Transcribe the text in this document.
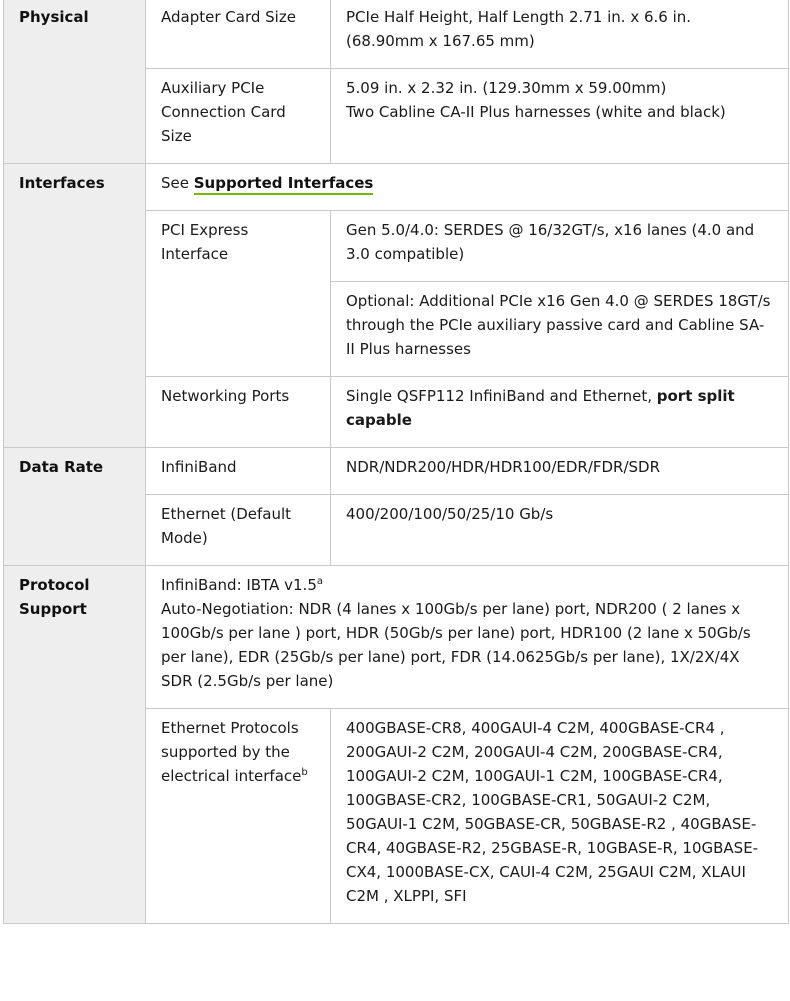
Physical	Adapter Card Size	PCIe Half Height, Half Length 2.71 in. x 6.6 in. (68.90mm x 167.65 mm)
	Auxiliary PCIe Connection Card Size	5.09 in. x 2.32 in. (129.30mm x 59.00mm)
Two Cabline CA-II Plus harnesses (white and black)
Interfaces	See Supported Interfaces	
	PCI Express Interface	Gen 5.0/4.0: SERDES @ 16/32GT/s, x16 lanes (4.0 and 3.0 compatible)
		Optional: Additional PCIe x16 Gen 4.0 @ SERDES 18GT/s through the PCIe auxiliary passive card and Cabline SA-II Plus harnesses
	Networking Ports	Single QSFP112 InfiniBand and Ethernet, port split capable
Data Rate	InfiniBand	NDR/NDR200/HDR/HDR100/EDR/FDR/SDR
	Ethernet (Default Mode)	400/200/100/50/25/10 Gb/s
Protocol Support	InfiniBand: IBTA v1.5$^a$
Auto-Negotiation: NDR (4 lanes x 100Gb/s per lane) port, NDR200 ( 2 lanes x 100Gb/s per lane ) port, HDR (50Gb/s per lane) port, HDR100 (2 lane x 50Gb/s per lane), EDR (25Gb/s per lane) port, FDR (14.0625Gb/s per lane), 1X/2X/4X SDR (2.5Gb/s per lane)	
	Ethernet Protocols supported by the electrical interface$^b$	400GBASE-CR8, 400GAUI-4 C2M, 400GBASE-CR4 , 200GAUI-2 C2M, 200GAUI-4 C2M, 200GBASE-CR4, 100GAUI-2 C2M, 100GAUI-1 C2M, 100GBASE-CR4, 100GBASE-CR2, 100GBASE-CR1, 50GAUI-2 C2M, 50GAUI-1 C2M, 50GBASE-CR, 50GBASE-R2 , 40GBASE-CR4, 40GBASE-R2, 25GBASE-R, 10GBASE-R, 10GBASE-CX4, 1000BASE-CX, CAUI-4 C2M, 25GAUI C2M, XLAUI C2M , XLPPI, SFI
